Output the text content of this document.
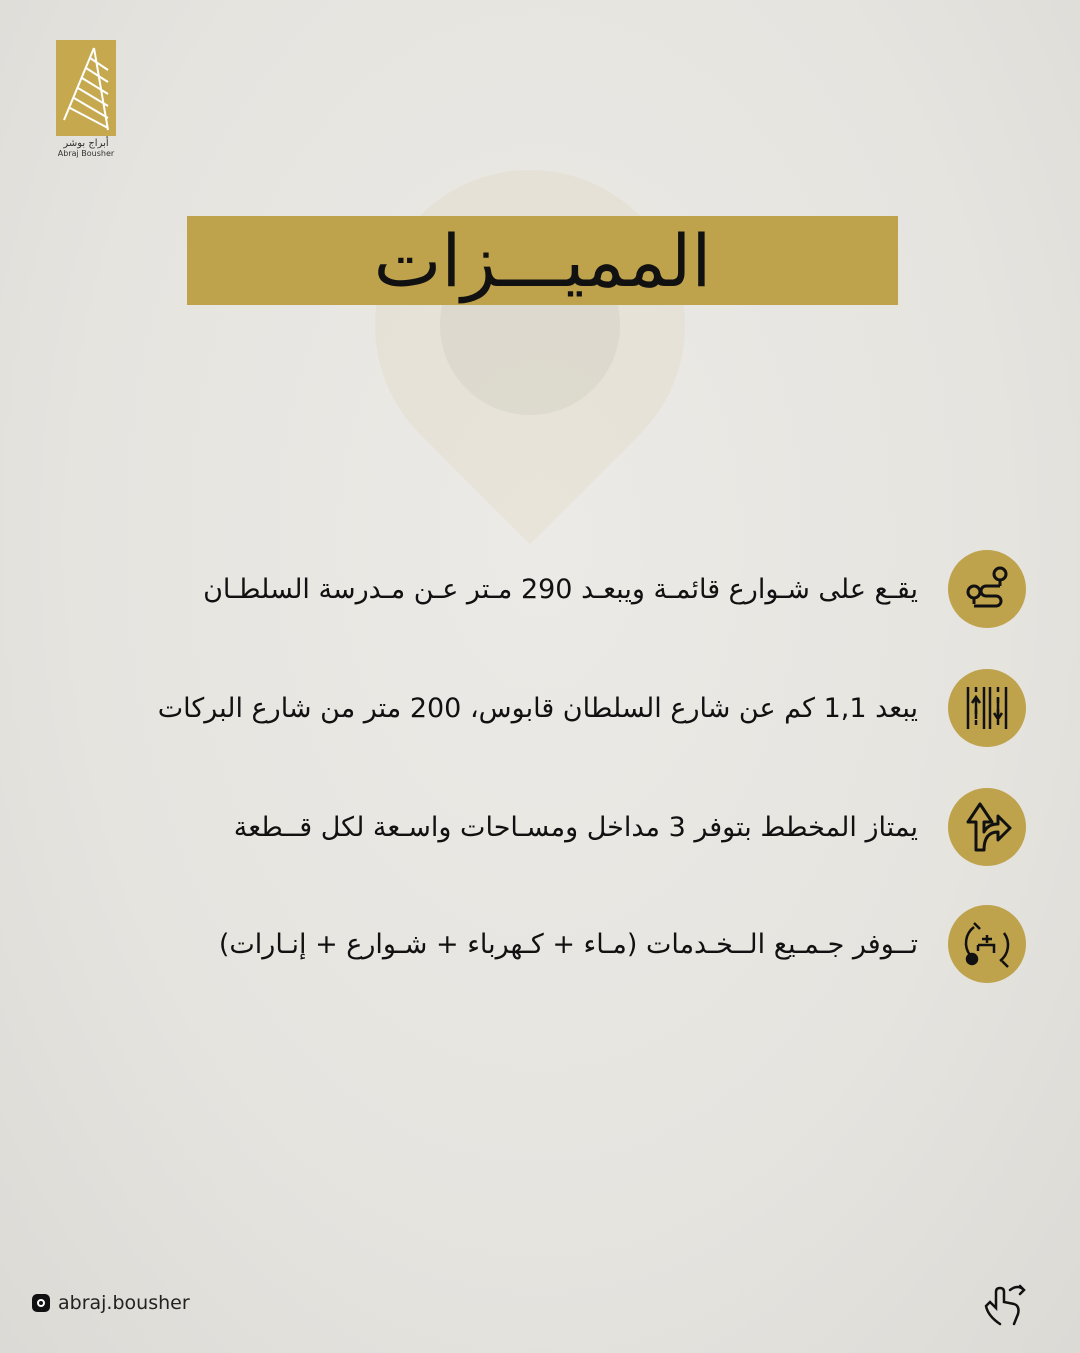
أبراج بوشر
Abraj Bousher
المميـــزات
يقـع على شـوارع قائمـة ويبعـد 290 مـتر عـن مـدرسة السلطـان
يبعد 1,1 كم عن شارع السلطان قابوس، 200 متر من شارع البركات
يمتاز المخطط بتوفر 3 مداخل ومسـاحات واسـعة لكل قــطعة
تــوفر جـمـيع الــخـدمات (مـاء + كـهرباء + شـوارع + إنـارات)
abraj.bousher
